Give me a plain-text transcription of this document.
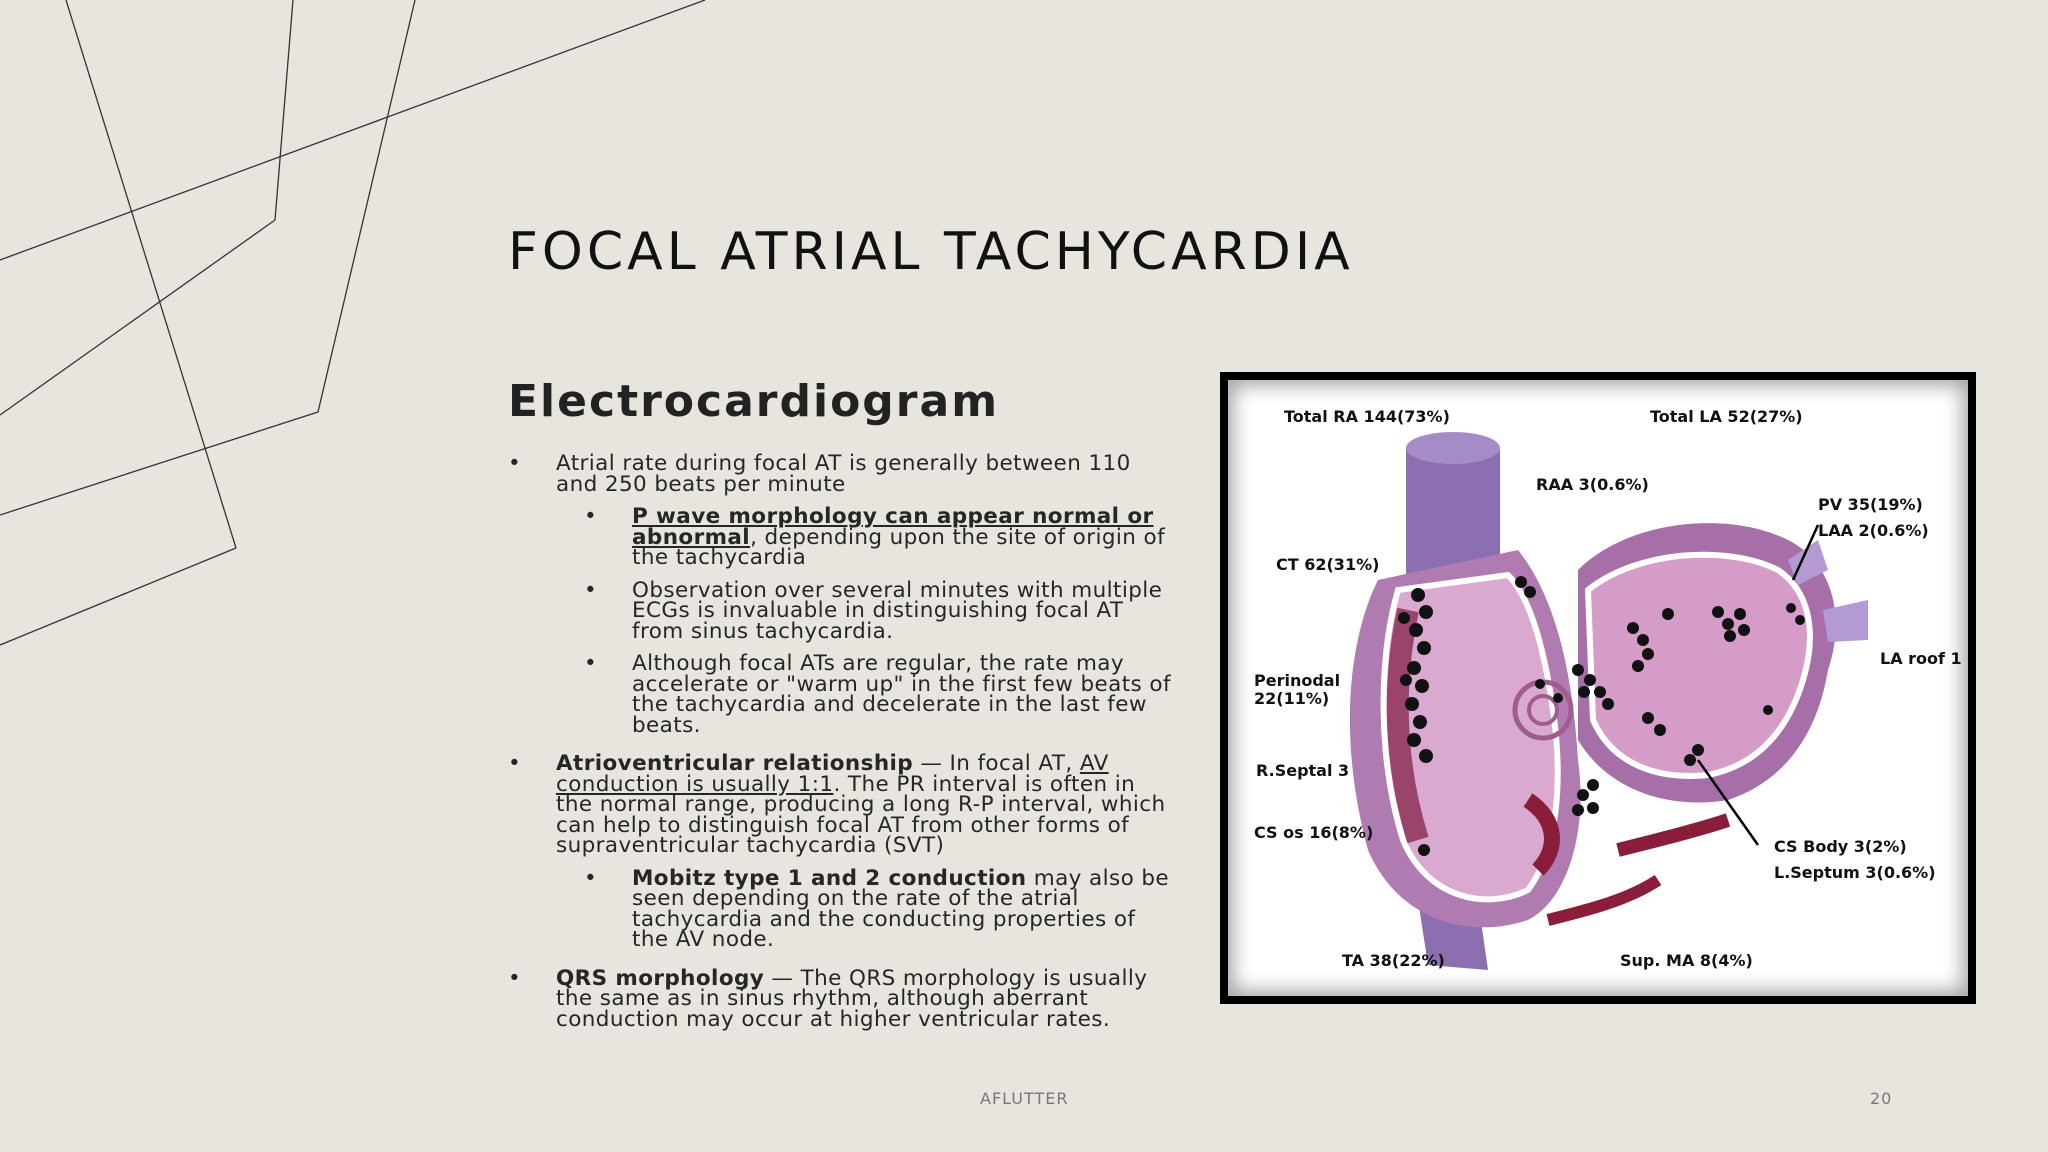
FOCAL ATRIAL TACHYCARDIA
Electrocardiogram
• Atrial rate during focal AT is generally between 110 and 250 beats per minute
• P wave morphology can appear normal or abnormal, depending upon the site of origin of the tachycardia
• Observation over several minutes with multiple ECGs is invaluable in distinguishing focal AT from sinus tachycardia.
• Although focal ATs are regular, the rate may accelerate or "warm up" in the first few beats of the tachycardia and decelerate in the last few beats.
• Atrioventricular relationship — In focal AT, AV conduction is usually 1:1. The PR interval is often in the normal range, producing a long R-P interval, which can help to distinguish focal AT from other forms of supraventricular tachycardia (SVT)
• Mobitz type 1 and 2 conduction may also be seen depending on the rate of the atrial tachycardia and the conducting properties of the AV node.
• QRS morphology — The QRS morphology is usually the same as in sinus rhythm, although aberrant conduction may occur at higher ventricular rates.
Total RA 144(73%)	Total LA 52(27%)
RAA 3(0.6%)
PV 35(19%)
LAA 2(0.6%)
CT 62(31%)
LA roof 1
Perinodal
22(11%)
R.Septal 3
CS os 16(8%)
CS Body 3(2%)
L.Septum 3(0.6%)
TA 38(22%)	Sup. MA 8(4%)
AFLUTTER	20
